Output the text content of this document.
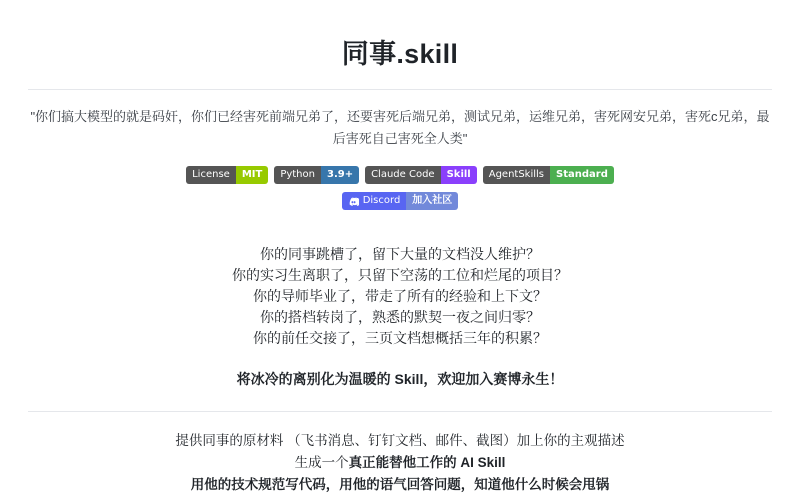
同事.skill
"你们搞大模型的就是码奸，你们已经害死前端兄弟了，还要害死后端兄弟，测试兄弟，运维兄弟，害死网安兄弟，害死c兄弟，最后害死自己害死全人类"
License	MIT	Python	3.9+	Claude Code	Skill	AgentSkills	Standard
Discord	加入社区
你的同事跳槽了，留下大量的文档没人维护？
你的实习生离职了，只留下空荡的工位和烂尾的项目？
你的导师毕业了，带走了所有的经验和上下文？
你的搭档转岗了，熟悉的默契一夜之间归零？
你的前任交接了，三页文档想概括三年的积累？
将冰冷的离别化为温暖的 Skill，欢迎加入赛博永生！
提供同事的原材料 （飞书消息、钉钉文档、邮件、截图）加上你的主观描述
生成一个真正能替他工作的 AI Skill
用他的技术规范写代码，用他的语气回答问题，知道他什么时候会甩锅
